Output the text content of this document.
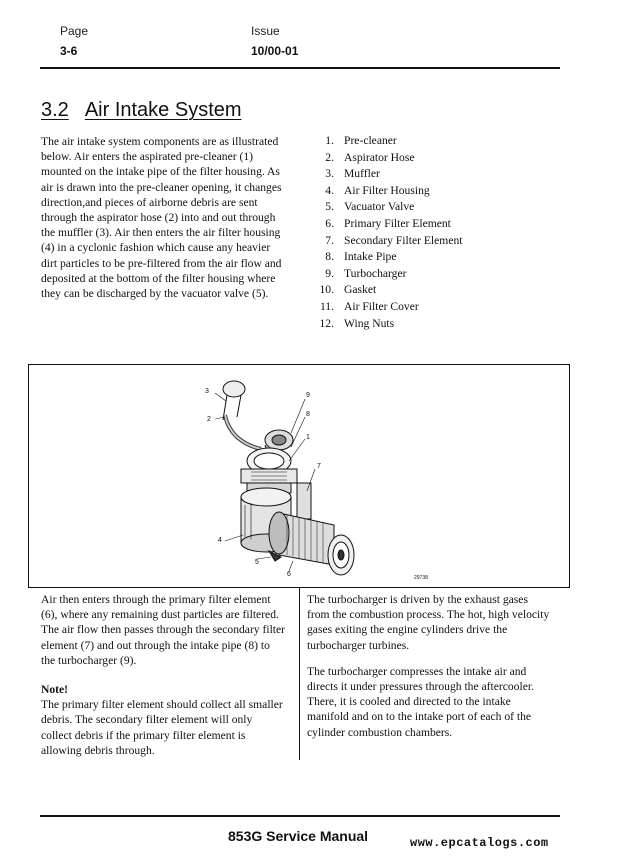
Page
3-6
Issue
10/00-01
3.2 Air Intake System
The air intake system components are as illustrated
below. Air enters the aspirated pre-cleaner (1)
mounted on the intake pipe of the filter housing. As
air is drawn into the pre-cleaner opening, it changes
direction,and pieces of airborne debris are sent
through the aspirator hose (2) into and out through
the muffler (3). Air then enters the air filter housing
(4) in a cyclonic fashion which cause any heavier
dirt particles to be pre-filtered from the air flow and
deposited at the bottom of the filter housing where
they can be discharged by the vacuator valve (5).
1. Pre-cleaner
2. Aspirator Hose
3. Muffler
4. Air Filter Housing
5. Vacuator Valve
6. Primary Filter Element
7. Secondary Filter Element
8. Intake Pipe
9. Turbocharger
10. Gasket
11. Air Filter Cover
12. Wing Nuts
3
9
2
8
1
7
4
5
6	29738
Air then enters through the primary filter element
(6), where any remaining dust particles are filtered.
The air flow then passes through the secondary filter
element (7) and out through the intake pipe (8) to
the turbocharger (9).
Note!
The primary filter element should collect all smaller
debris. The secondary filter element will only
collect debris if the primary filter element is
allowing debris through.
The turbocharger is driven by the exhaust gases
from the combustion process. The hot, high velocity
gases exiting the engine cylinders drive the
turbocharger turbines.
The turbocharger compresses the intake air and
directs it under pressures through the aftercooler.
There, it is cooled and directed to the intake
manifold and on to the intake port of each of the
cylinder combustion chambers.
853G Service Manual	www.epcatalogs.com
